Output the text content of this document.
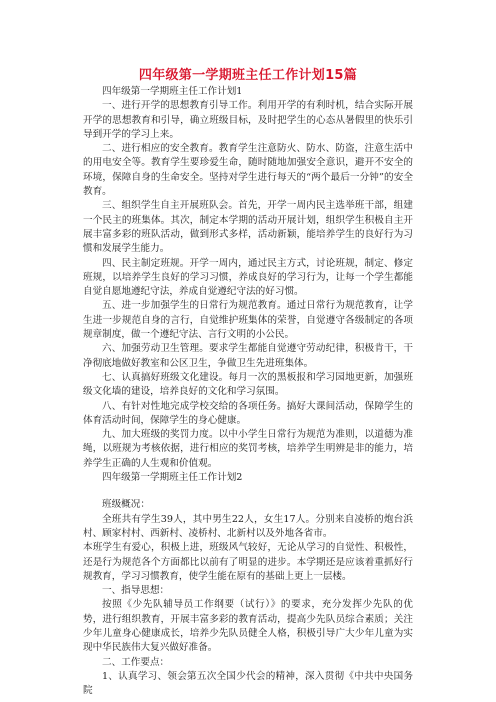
四年级第一学期班主任工作计划15篇

四年级第一学期班主任工作计划1

一、进行开学的思想教育引导工作。利用开学的有利时机，结合实际开展开学的思想教育和引导，确立班级目标，及时把学生的心态从暑假里的快乐引导到开学的学习上来。

二、进行相应的安全教育。教育学生注意防火、防水、防盗，注意生活中的用电安全等。教育学生要珍爱生命，随时随地加强安全意识，避开不安全的环境，保障自身的生命安全。坚持对学生进行每天的“两个最后一分钟”的安全教育。

三、组织学生自主开展班队会。首先，开学一周内民主选举班干部，组建一个民主的班集体。其次，制定本学期的活动开展计划，组织学生积极自主开展丰富多彩的班队活动，做到形式多样，活动新颖，能培养学生的良好行为习惯和发展学生能力。

四、民主制定班规。开学一周内，通过民主方式，讨论班规，制定、修定班规，以培养学生良好的学习习惯，养成良好的学习行为，让每一个学生都能自觉自愿地遵纪守法，养成自觉遵纪守法的好习惯。

五、进一步加强学生的日常行为规范教育。通过日常行为规范教育，让学生进一步规范自身的言行，自觉维护班集体的荣誉，自觉遵守各级制定的各项规章制度，做一个遵纪守法、言行文明的小公民。

六、加强劳动卫生管理。要求学生都能自觉遵守劳动纪律，积极肯干，干净彻底地做好教室和公区卫生，争做卫生先进班集体。

七、认真搞好班级文化建设。每月一次的黑板报和学习园地更新，加强班级文化墙的建设，培养良好的文化和学习氛围。

八、有针对性地完成学校交给的各项任务。搞好大课间活动，保障学生的体育活动时间，保障学生的身心健康。

九、加大班级的奖罚力度。以中小学生日常行为规范为准则，以道德为准绳，以班规为考核依据，进行相应的奖罚考核，培养学生明辨是非的能力，培养学生正确的人生观和价值观。

四年级第一学期班主任工作计划2

班级概况：

全班共有学生39人，其中男生22人，女生17人。分别来自凌桥的炮台浜村、顾家村村、西新村、凌桥村、北新村以及外地各省市。

本班学生有爱心，积极上进，班级风气较好，无论从学习的自觉性、积极性，还是行为规范各个方面都比以前有了明显的进步。本学期还是应该着重抓好行规教育，学习习惯教育，使学生能在原有的基础上更上一层楼。

一、指导思想：

按照《少先队辅导员工作纲要（试行）》的要求，充分发挥少先队的优势，进行组织教育，开展丰富多彩的教育活动，提高少先队员综合素质；关注少年儿童身心健康成长，培养少先队员健全人格，积极引导广大少年儿童为实现中华民族伟大复兴做好准备。

二、工作要点：

1、认真学习、领会第五次全国少代会的精神，深入贯彻《中共中央国务院
